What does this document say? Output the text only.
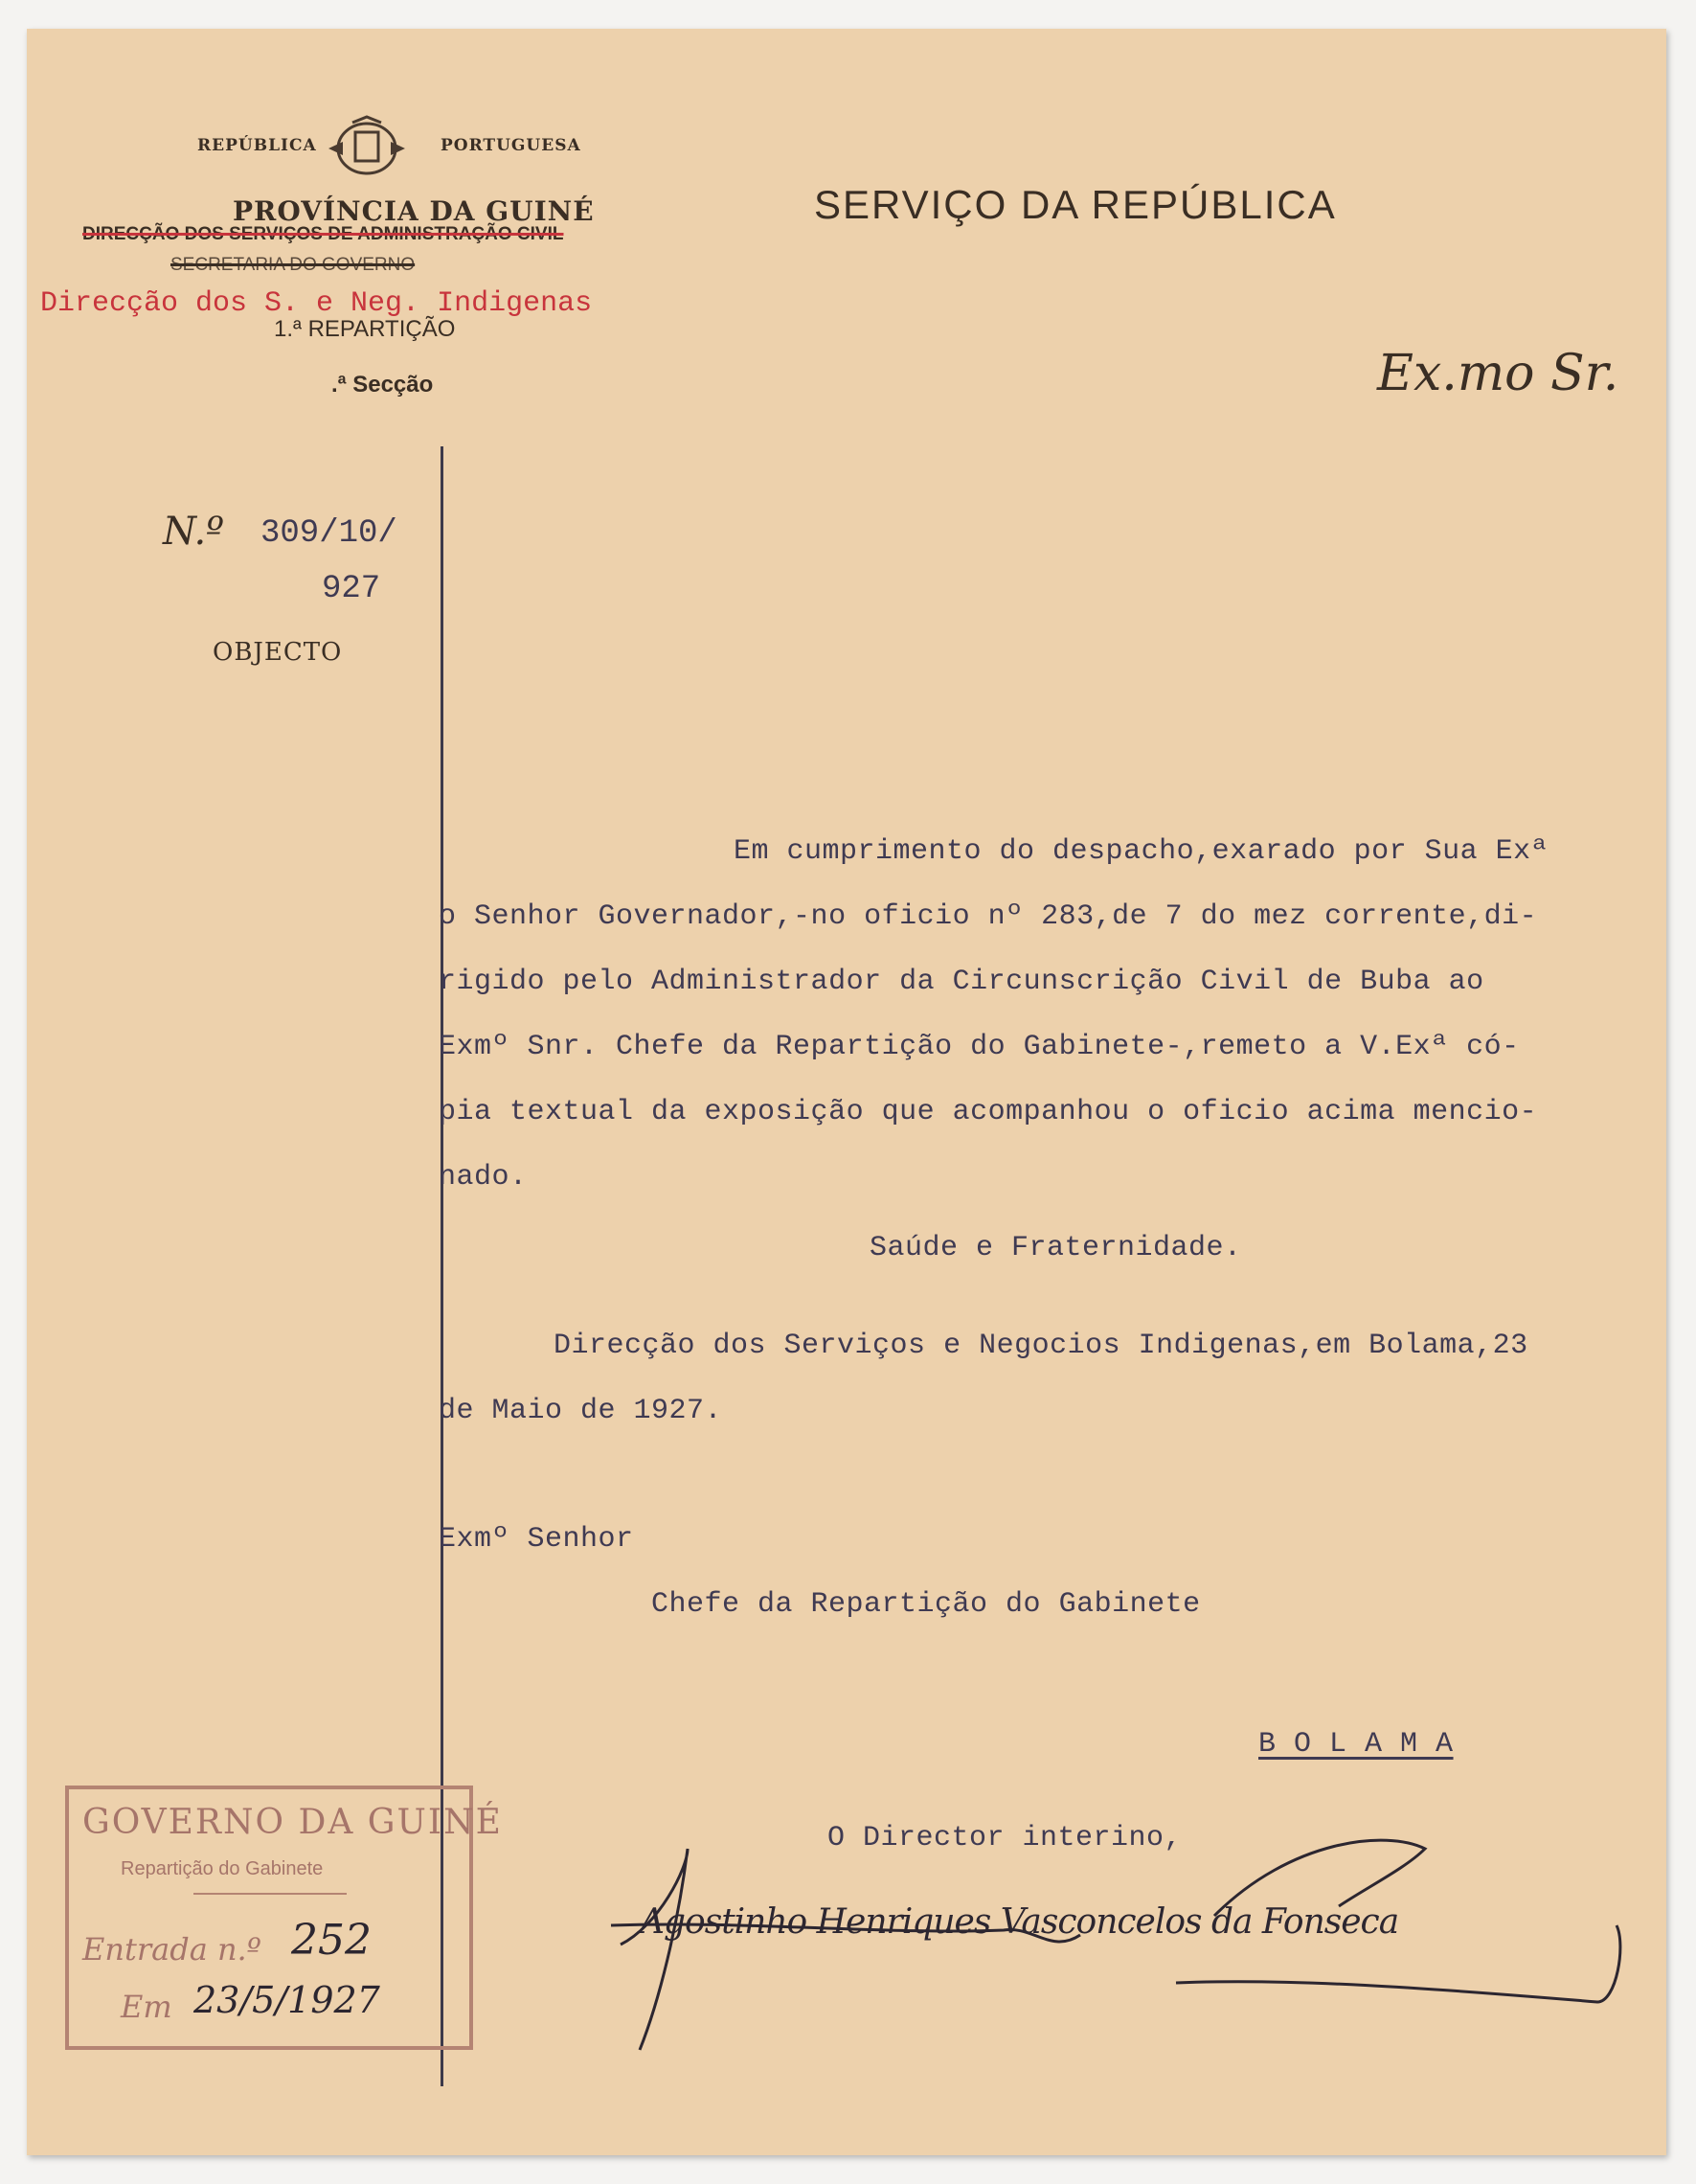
REPÚBLICA	PORTUGUESA
PROVÍNCIA DA GUINÉ
DIRECÇÃO DOS SERVIÇOS DE ADMINISTRAÇÃO CIVIL
SECRETARIA DO GOVERNO
Direcção dos S. e Neg. Indigenas
1.ª REPARTIÇÃO
.ª Secção
SERVIÇO DA REPÚBLICA
Ex.mo Sr.
N.º 309/10/
927
OBJECTO
Em cumprimento do despacho,exarado por Sua Exª
o Senhor Governador,-no oficio nº 283,de 7 do mez corrente,di-
rigido pelo Administrador da Circunscrição Civil de Buba ao
Exmº Snr. Chefe da Repartição do Gabinete-,remeto a V.Exª có-
pia textual da exposição que acompanhou o oficio acima mencio-
nado.
Saúde e Fraternidade.
Direcção dos Serviços e Negocios Indigenas,em Bolama,23
de Maio de 1927.
Exmº Senhor
Chefe da Repartição do Gabinete
B O L A M A
O Director interino,
Agostinho Henriques Vasconcelos da Fonseca
GOVERNO DA GUINÉ
Repartição do Gabinete
Entrada n.º 252
Em 23/5/1927
